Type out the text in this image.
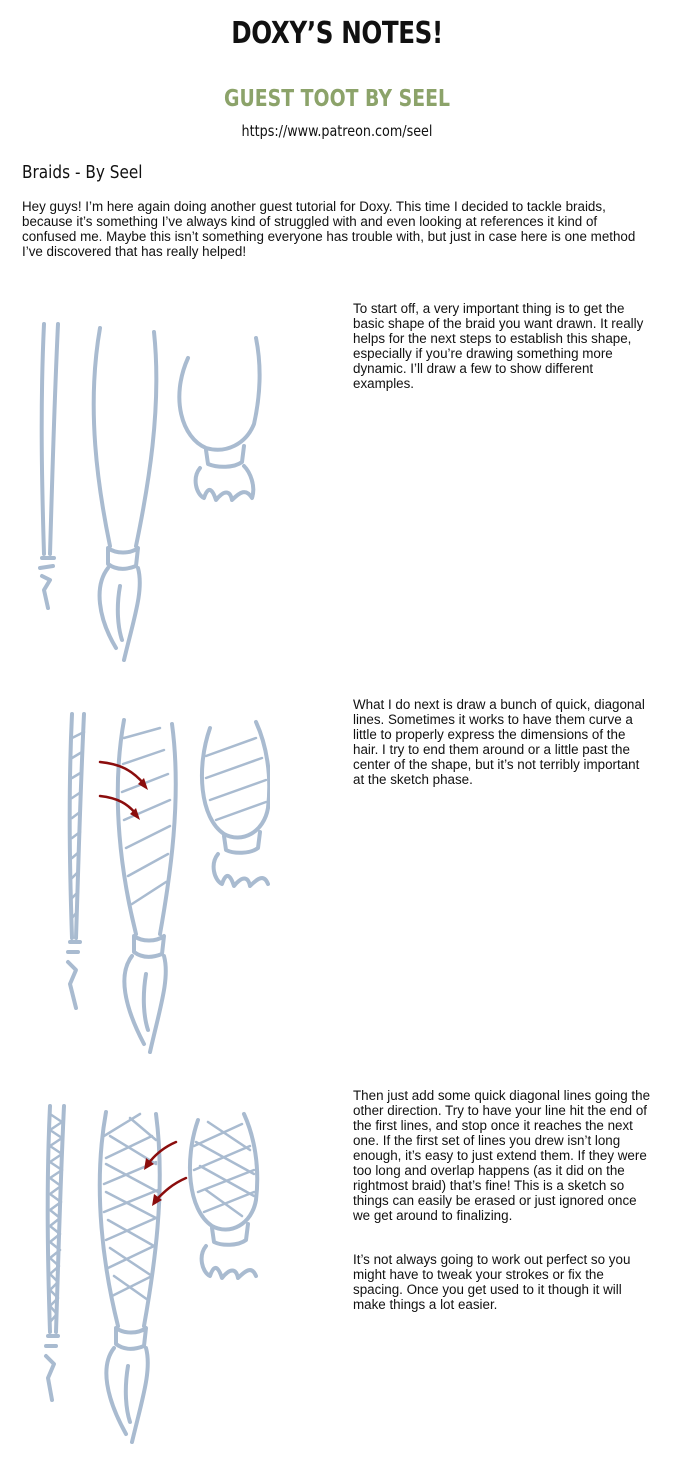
DOXY’S NOTES!
GUEST TOOT BY SEEL
https://www.patreon.com/seel
Braids - By Seel

Hey guys! I’m here again doing another guest tutorial for Doxy. This time I decided to tackle braids, because it’s something I’ve always kind of struggled with and even looking at references it kind of confused me. Maybe this isn’t something everyone has trouble with, but just in case here is one method I’ve discovered that has really helped!

To start off, a very important thing is to get the basic shape of the braid you want drawn. It really helps for the next steps to establish this shape, especially if you’re drawing something more dynamic. I’ll draw a few to show different examples.

What I do next is draw a bunch of quick, diagonal lines. Sometimes it works to have them curve a little to properly express the dimensions of the hair. I try to end them around or a little past the center of the shape, but it’s not terribly important at the sketch phase.

Then just add some quick diagonal lines going the other direction. Try to have your line hit the end of the first lines, and stop once it reaches the next one. If the first set of lines you drew isn’t long enough, it’s easy to just extend them. If they were too long and overlap happens (as it did on the rightmost braid) that’s fine! This is a sketch so things can easily be erased or just ignored once we get around to finalizing.

It’s not always going to work out perfect so you might have to tweak your strokes or fix the spacing. Once you get used to it though it will make things a lot easier.
